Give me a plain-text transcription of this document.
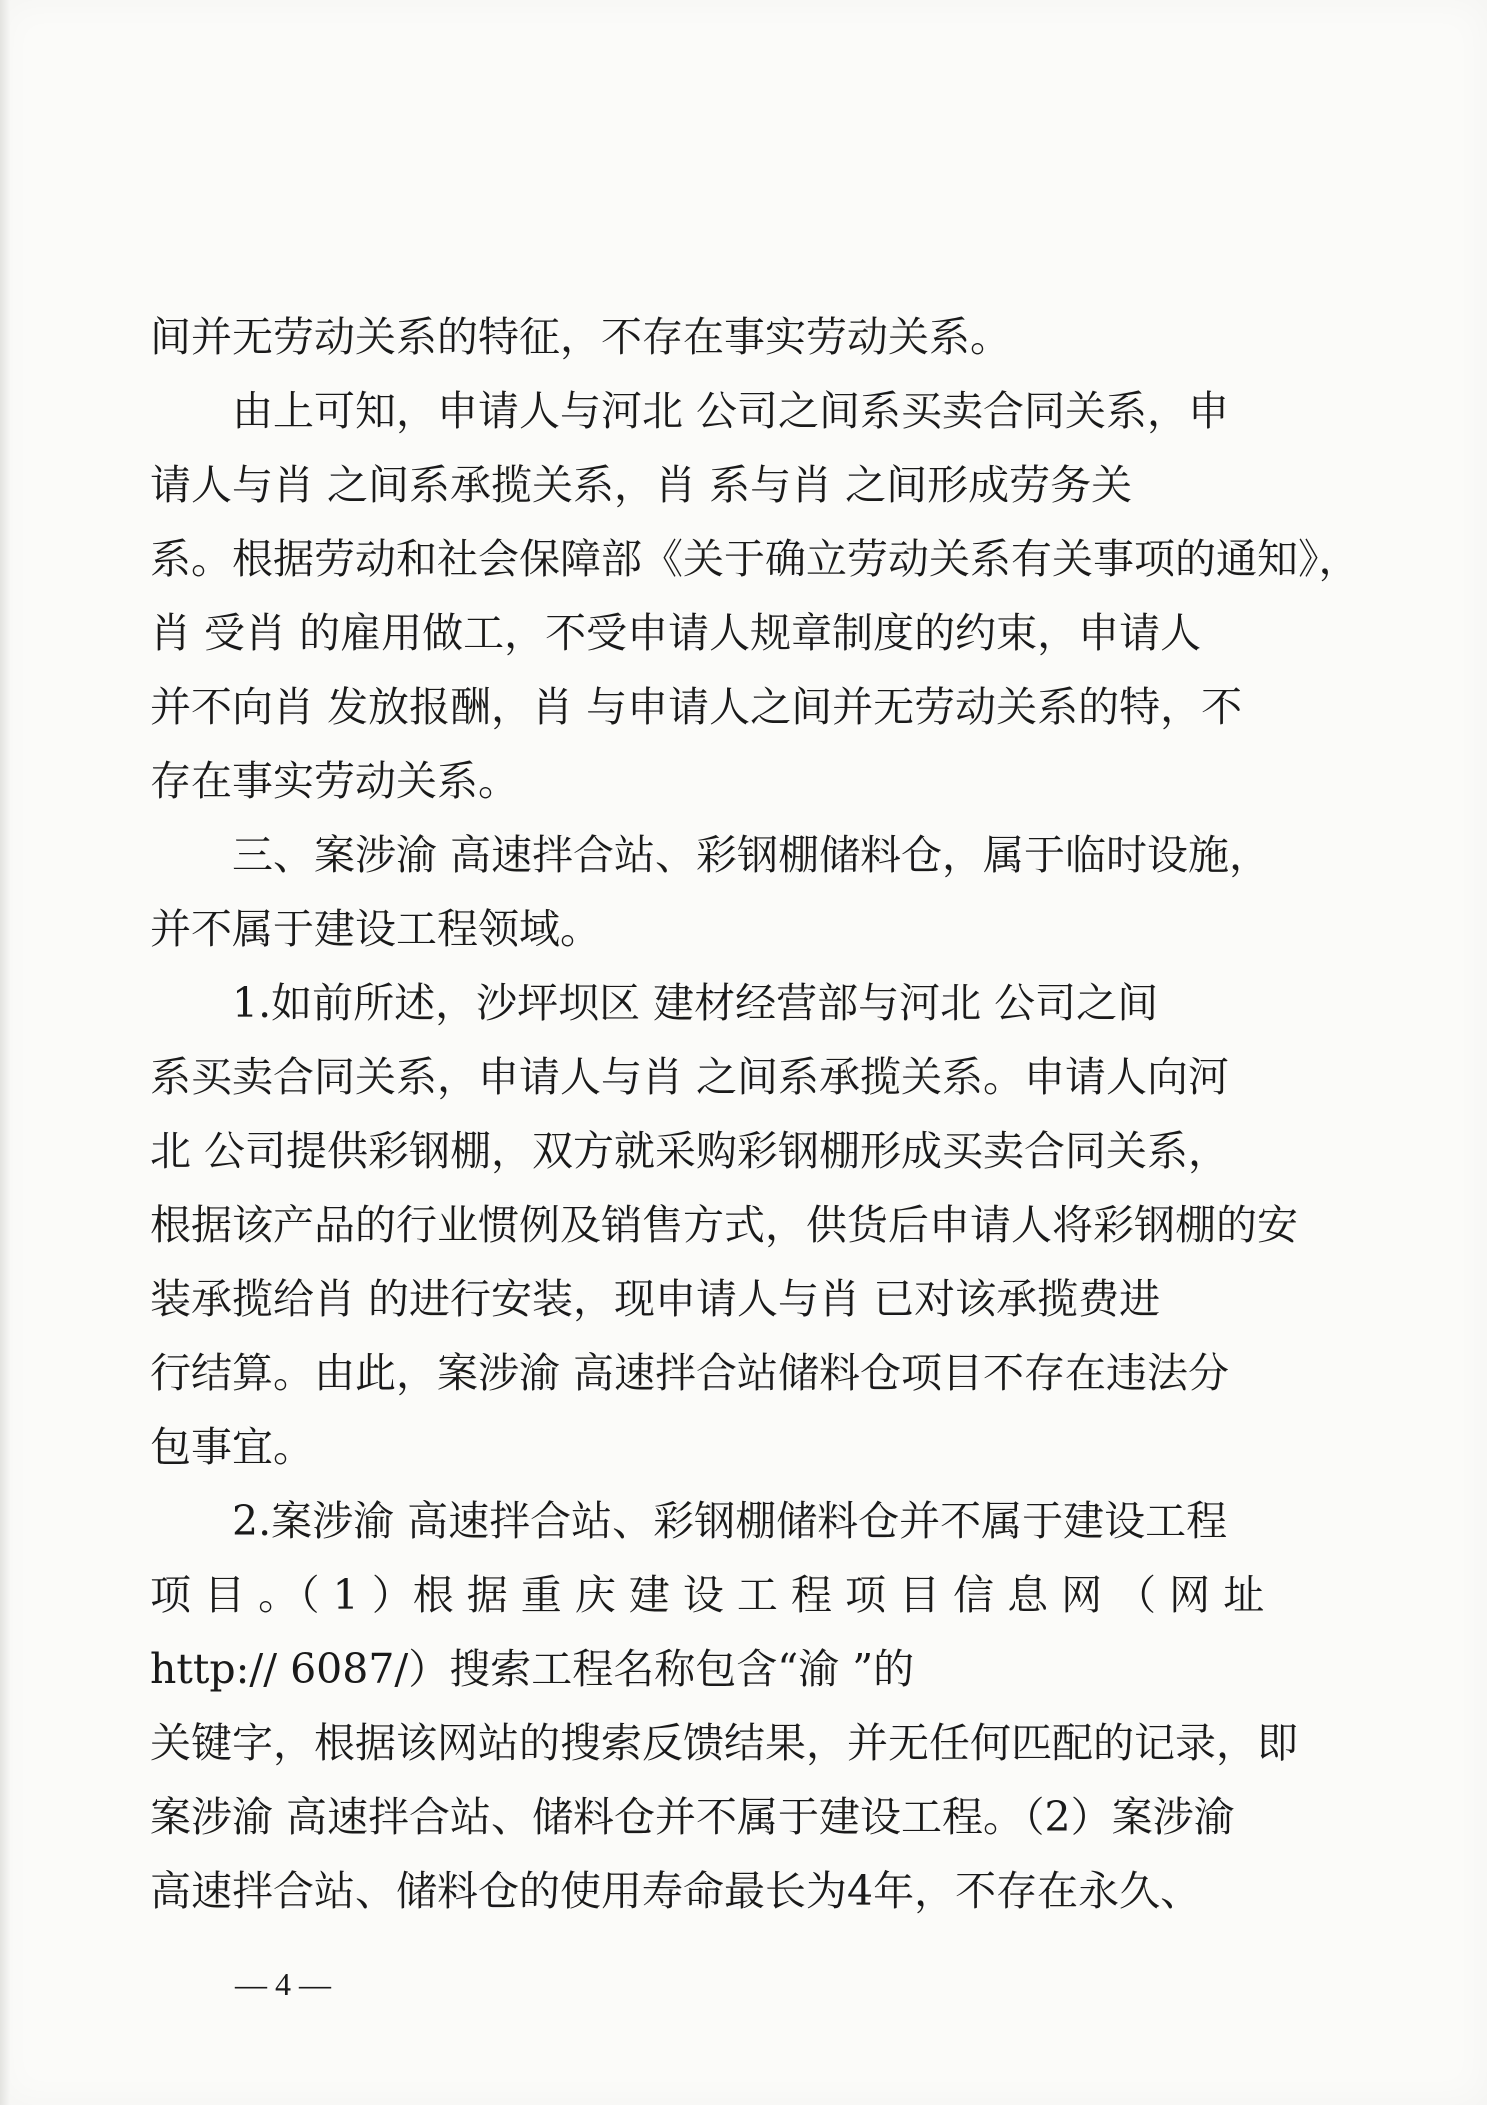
间并无劳动关系的特征，不存在事实劳动关系。
由上可知，申请人与河北 公司之间系买卖合同关系，申
请人与肖 之间系承揽关系，肖 系与肖 之间形成劳务关
系。根据劳动和社会保障部《关于确立劳动关系有关事项的通知》，
肖 受肖 的雇用做工，不受申请人规章制度的约束，申请人
并不向肖 发放报酬，肖 与申请人之间并无劳动关系的特，不
存在事实劳动关系。
三、案涉渝 高速拌合站、彩钢棚储料仓，属于临时设施，
并不属于建设工程领域。
1.如前所述，沙坪坝区 建材经营部与河北 公司之间
系买卖合同关系，申请人与肖 之间系承揽关系。申请人向河
北 公司提供彩钢棚，双方就采购彩钢棚形成买卖合同关系，
根据该产品的行业惯例及销售方式，供货后申请人将彩钢棚的安
装承揽给肖 的进行安装，现申请人与肖 已对该承揽费进
行结算。由此，案涉渝 高速拌合站储料仓项目不存在违法分
包事宜。
2.案涉渝 高速拌合站、彩钢棚储料仓并不属于建设工程
项 目 。（ 1 ）根 据 重 庆 建 设 工 程 项 目 信 息 网 （ 网 址
http:// 6087/）搜索工程名称包含“渝 ”的
关键字，根据该网站的搜索反馈结果，并无任何匹配的记录，即
案涉渝 高速拌合站、储料仓并不属于建设工程。（2）案涉渝
高速拌合站、储料仓的使用寿命最长为4年，不存在永久、
— 4 —
